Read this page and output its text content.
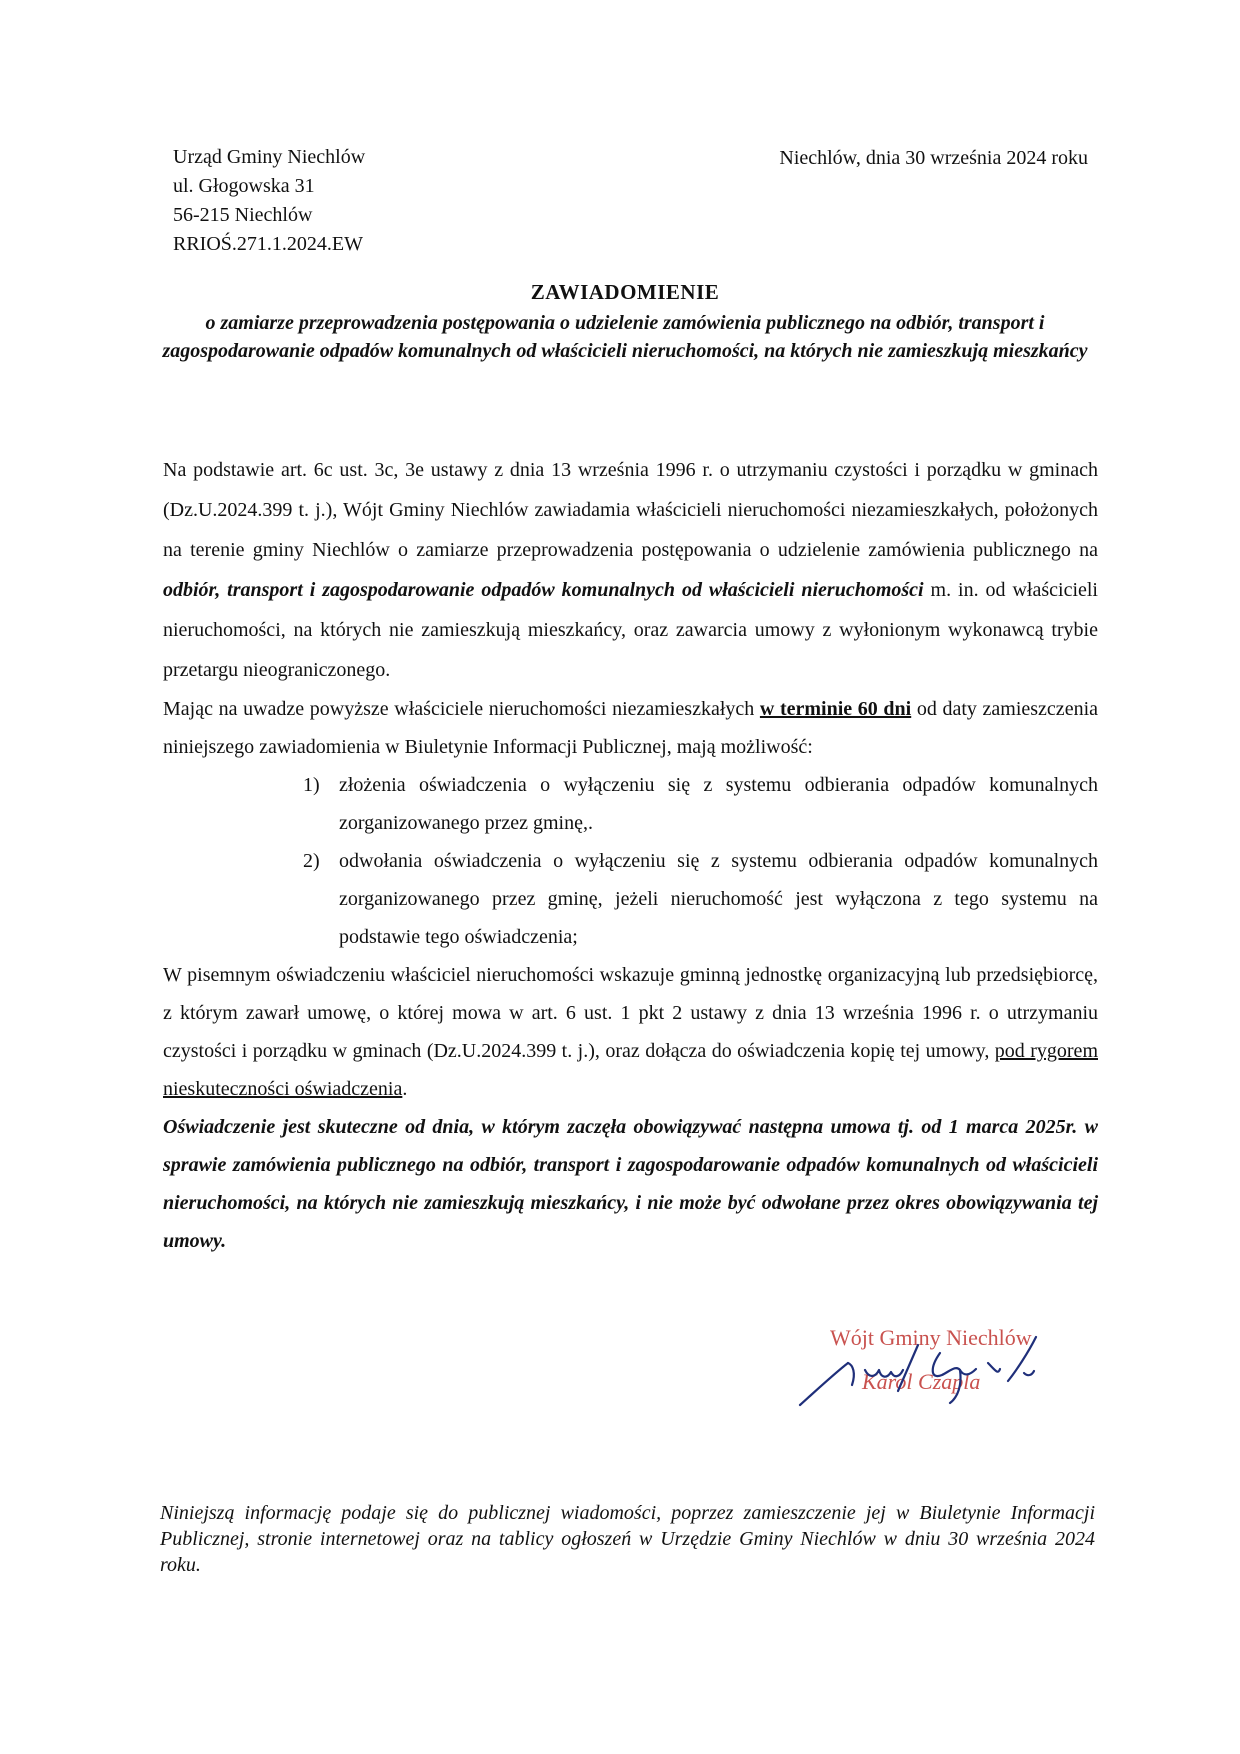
Urząd Gminy Niechlów
ul. Głogowska 31
56-215 Niechlów
RRIOŚ.271.1.2024.EW
Niechlów, dnia 30 września 2024 roku
ZAWIADOMIENIE
o zamiarze przeprowadzenia postępowania o udzielenie zamówienia publicznego na odbiór, transport i zagospodarowanie odpadów komunalnych od właścicieli nieruchomości, na których nie zamieszkują mieszkańcy
Na podstawie art. 6c ust. 3c, 3e ustawy z dnia 13 września 1996 r. o utrzymaniu czystości i porządku w gminach (Dz.U.2024.399 t. j.), Wójt Gminy Niechlów zawiadamia właścicieli nieruchomości niezamieszkałych, położonych na terenie gminy Niechlów o zamiarze przeprowadzenia postępowania o udzielenie zamówienia publicznego na odbiór, transport i zagospodarowanie odpadów komunalnych od właścicieli nieruchomości m. in. od właścicieli nieruchomości, na których nie zamieszkują mieszkańcy, oraz zawarcia umowy z wyłonionym wykonawcą trybie przetargu nieograniczonego.
Mając na uwadze powyższe właściciele nieruchomości niezamieszkałych w terminie 60 dni od daty zamieszczenia niniejszego zawiadomienia w Biuletynie Informacji Publicznej, mają możliwość:
1) złożenia oświadczenia o wyłączeniu się z systemu odbierania odpadów komunalnych zorganizowanego przez gminę,.
2) odwołania oświadczenia o wyłączeniu się z systemu odbierania odpadów komunalnych zorganizowanego przez gminę, jeżeli nieruchomość jest wyłączona z tego systemu na podstawie tego oświadczenia;
W pisemnym oświadczeniu właściciel nieruchomości wskazuje gminną jednostkę organizacyjną lub przedsiębiorcę, z którym zawarł umowę, o której mowa w art. 6 ust. 1 pkt 2 ustawy z dnia 13 września 1996 r. o utrzymaniu czystości i porządku w gminach (Dz.U.2024.399 t. j.), oraz dołącza do oświadczenia kopię tej umowy, pod rygorem nieskuteczności oświadczenia.
Oświadczenie jest skuteczne od dnia, w którym zaczęła obowiązywać następna umowa tj. od 1 marca 2025r. w sprawie zamówienia publicznego na odbiór, transport i zagospodarowanie odpadów komunalnych od właścicieli nieruchomości, na których nie zamieszkują mieszkańcy, i nie może być odwołane przez okres obowiązywania tej umowy.
Wójt Gminy Niechlów
Karol Czapla
Niniejszą informację podaje się do publicznej wiadomości, poprzez zamieszczenie jej w Biuletynie Informacji Publicznej, stronie internetowej oraz na tablicy ogłoszeń w Urzędzie Gminy Niechlów w dniu 30 września 2024 roku.
